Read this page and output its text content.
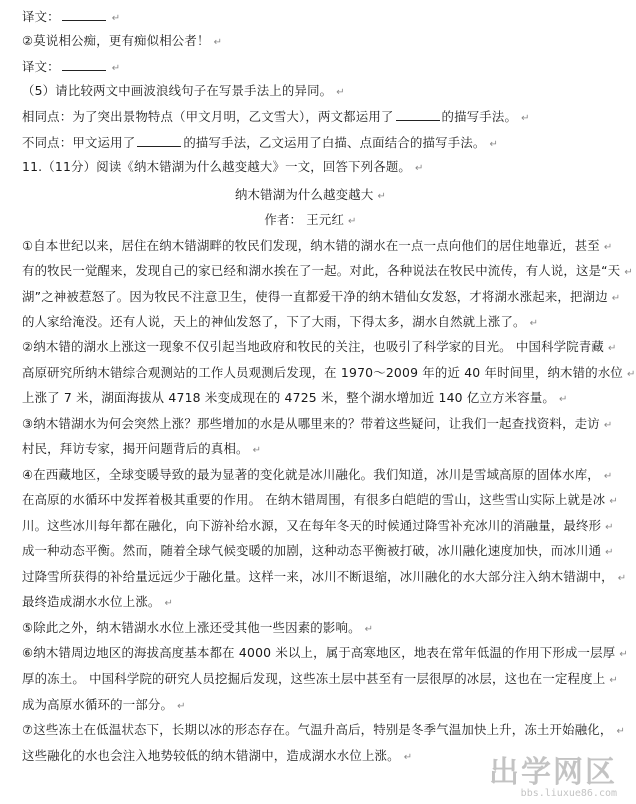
译文：	↵
②莫说相公痴，更有痴似相公者！ ↵
译文：	↵
（5）请比较两文中画波浪线句子在写景手法上的异同。 ↵
相同点：为了突出景物特点（甲文月明，乙文雪大），两文都运用了	的描写手法。 ↵
不同点：甲文运用了	的描写手法，乙文运用了白描、点面结合的描写手法。 ↵
11.（11分）阅读《纳木错湖为什么越变越大》一文，回答下列各题。 ↵
纳木错湖为什么越变越大 ↵
作者： 王元红 ↵
①自本世纪以来，居住在纳木错湖畔的牧民们发现，纳木错的湖水在一点一点向他们的居住地靠近，甚至 ↵
有的牧民一觉醒来，发现自己的家已经和湖水挨在了一起。对此，各种说法在牧民中流传，有人说，这是“天 ↵
湖”之神被惹怒了。因为牧民不注意卫生，使得一直都爱干净的纳木错仙女发怒，才将湖水涨起来，把湖边 ↵
的人家给淹没。还有人说，天上的神仙发怒了，下了大雨，下得太多，湖水自然就上涨了。 ↵
②纳木错的湖水上涨这一现象不仅引起当地政府和牧民的关注，也吸引了科学家的目光。 中国科学院青藏 ↵
高原研究所纳木错综合观测站的工作人员观测后发现，在 1970～2009 年的近 40 年时间里，纳木错的水位 ↵
上涨了 7 米，湖面海拔从 4718 米变成现在的 4725 米，整个湖水增加近 140 亿立方米容量。 ↵
③纳木错湖水为何会突然上涨？那些增加的水是从哪里来的？带着这些疑问，让我们一起查找资料，走访 ↵
村民，拜访专家，揭开问题背后的真相。 ↵
④在西藏地区，全球变暖导致的最为显著的变化就是冰川融化。我们知道，冰川是雪域高原的固体水库， ↵
在高原的水循环中发挥着极其重要的作用。 在纳木错周围，有很多白皑皑的雪山，这些雪山实际上就是冰 ↵
川。这些冰川每年都在融化，向下游补给水源，又在每年冬天的时候通过降雪补充冰川的消融量，最终形 ↵
成一种动态平衡。然而，随着全球气候变暖的加剧，这种动态平衡被打破，冰川融化速度加快，而冰川通 ↵
过降雪所获得的补给量远远少于融化量。这样一来，冰川不断退缩，冰川融化的水大部分注入纳木错湖中， ↵
最终造成湖水水位上涨。 ↵
⑤除此之外，纳木错湖水水位上涨还受其他一些因素的影响。 ↵
⑥纳木错周边地区的海拔高度基本都在 4000 米以上，属于高寒地区，地表在常年低温的作用下形成一层厚 ↵
厚的冻土。 中国科学院的研究人员挖掘后发现，这些冻土层中甚至有一层很厚的冰层，这也在一定程度上 ↵
成为高原水循环的一部分。 ↵
⑦这些冻土在低温状态下，长期以冰的形态存在。气温升高后，特别是冬季气温加快上升，冻土开始融化， ↵
这些融化的水也会注入地势较低的纳木错湖中，造成湖水水位上涨。 ↵	出学网区
bbs.liuxue86.com
